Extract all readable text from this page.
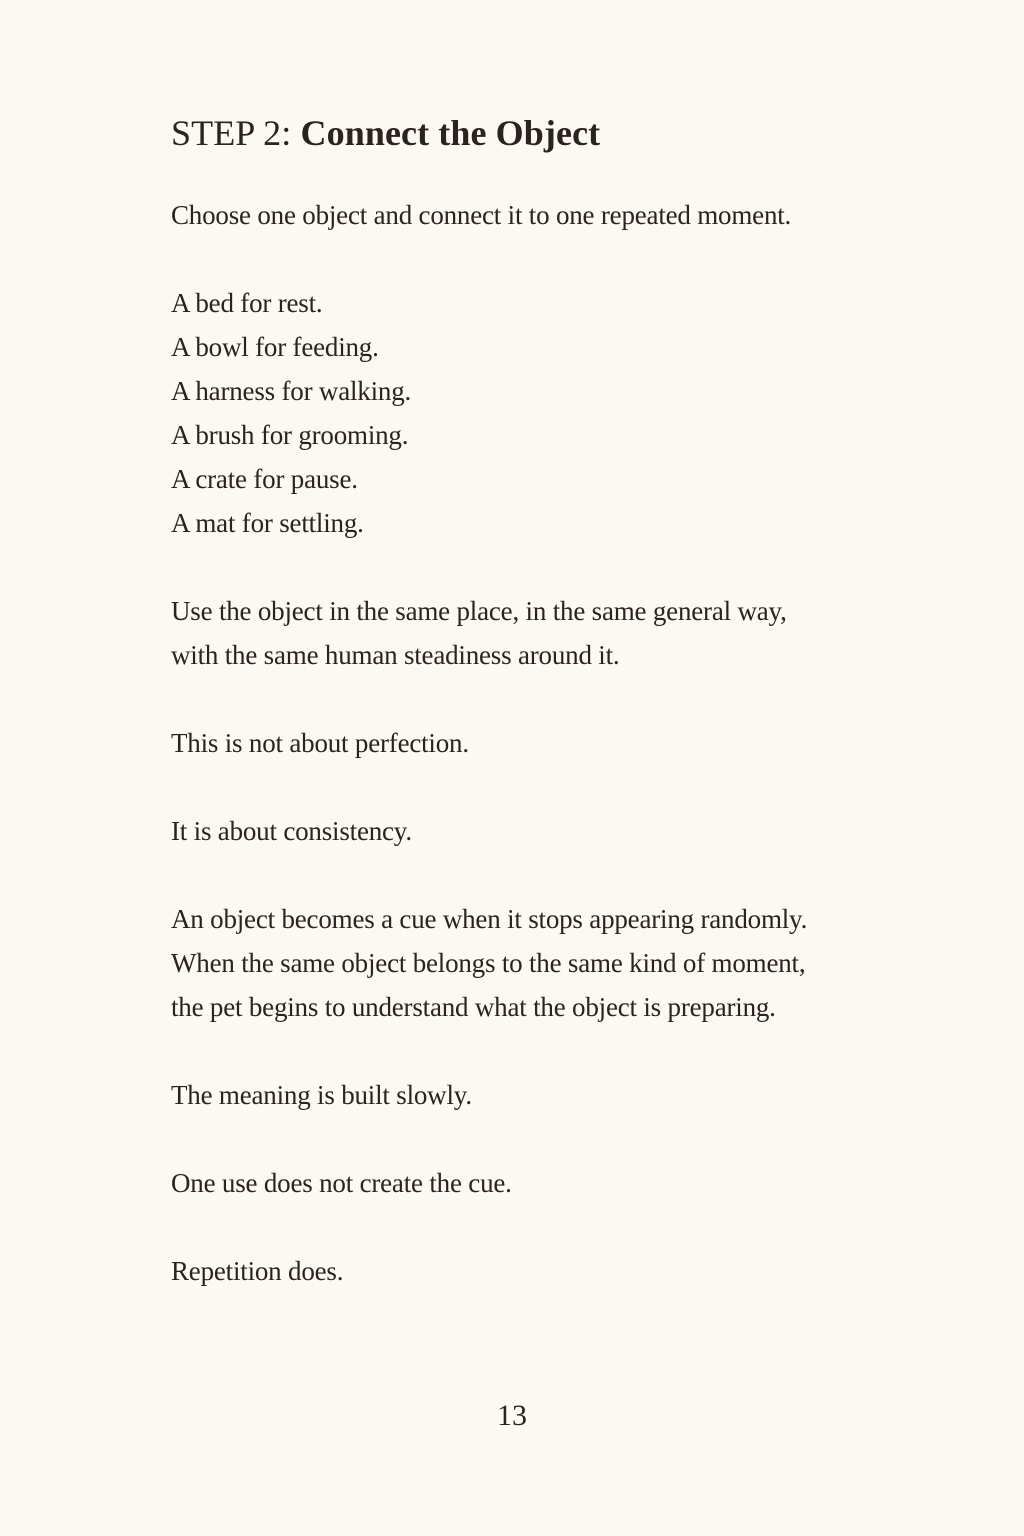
STEP 2: Connect the Object

Choose one object and connect it to one repeated moment.

A bed for rest.
A bowl for feeding.
A harness for walking.
A brush for grooming.
A crate for pause.
A mat for settling.

Use the object in the same place, in the same general way,
with the same human steadiness around it.

This is not about perfection.

It is about consistency.

An object becomes a cue when it stops appearing randomly.
When the same object belongs to the same kind of moment,
the pet begins to understand what the object is preparing.

The meaning is built slowly.

One use does not create the cue.

Repetition does.

13
